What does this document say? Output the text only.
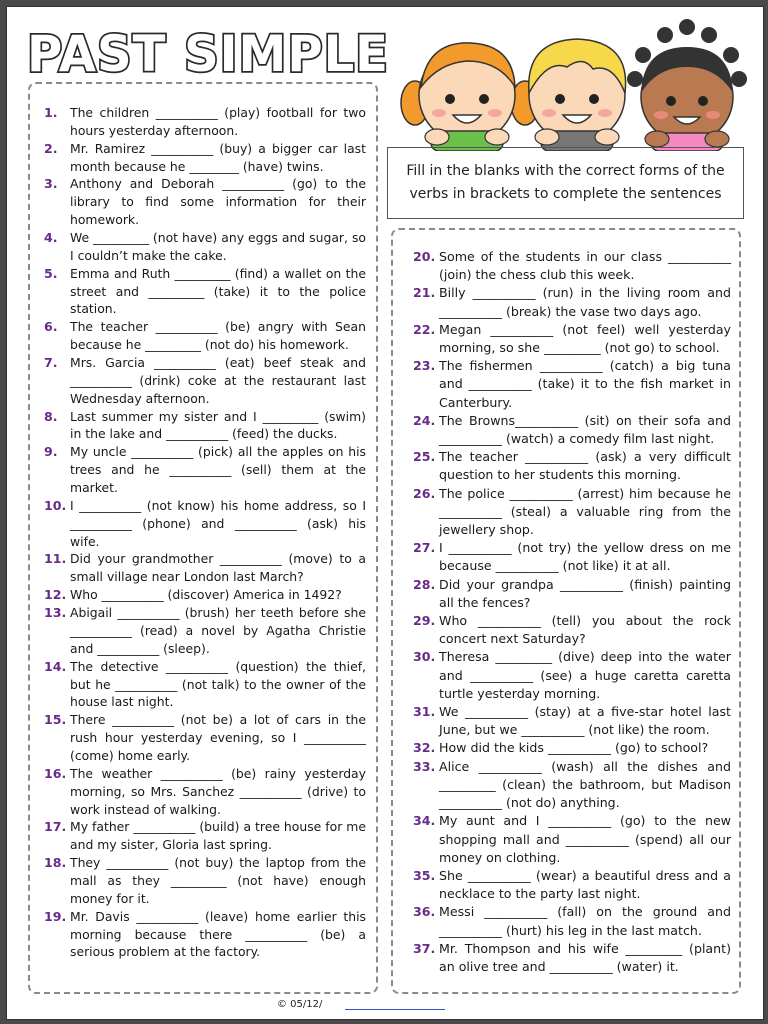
PAST SIMPLE
Fill in the blanks with the correct forms of the verbs in brackets to complete the sentences
1.	The children __________ (play) football for two hours yesterday afternoon.
2.	Mr. Ramirez __________ (buy) a bigger car last month because he ________ (have) twins.
3.	Anthony and Deborah __________ (go) to the library to find some information for their homework.
4.	We _________ (not have) any eggs and sugar, so I couldn’t make the cake.
5.	Emma and Ruth _________ (find) a wallet on the street and _________ (take) it to the police station.
6.	The teacher __________ (be) angry with Sean because he _________ (not do) his homework.
7.	Mrs. Garcia __________ (eat) beef steak and __________ (drink) coke at the restaurant last Wednesday afternoon.
8.	Last summer my sister and I _________ (swim) in the lake and __________ (feed) the ducks.
9.	My uncle __________ (pick) all the apples on his trees and he __________ (sell) them at the market.
10. I __________ (not know) his home address, so I __________ (phone) and __________ (ask) his wife.
11. Did your grandmother __________ (move) to a small village near London last March?
12. Who __________ (discover) America in 1492?
13. Abigail __________ (brush) her teeth before she __________ (read) a novel by Agatha Christie and __________ (sleep).
14. The detective __________ (question) the thief, but he __________ (not talk) to the owner of the house last night.
15. There __________ (not be) a lot of cars in the rush hour yesterday evening, so I __________ (come) home early.
16. The weather __________ (be) rainy yesterday morning, so Mrs. Sanchez __________ (drive) to work instead of walking.
17. My father __________ (build) a tree house for me and my sister, Gloria last spring.
18. They __________ (not buy) the laptop from the mall as they _________ (not have) enough money for it.
19. Mr. Davis __________ (leave) home earlier this morning because there __________ (be) a serious problem at the factory.
20. Some of the students in our class __________ (join) the chess club this week.
21. Billy __________ (run) in the living room and __________ (break) the vase two days ago.
22. Megan __________ (not feel) well yesterday morning, so she _________ (not go) to school.
23. The fishermen __________ (catch) a big tuna and __________ (take) it to the fish market in Canterbury.
24. The Browns__________ (sit) on their sofa and __________ (watch) a comedy film last night.
25. The teacher __________ (ask) a very difficult question to her students this morning.
26. The police __________ (arrest) him because he __________ (steal) a valuable ring from the jewellery shop.
27. I __________ (not try) the yellow dress on me because __________ (not like) it at all.
28. Did your grandpa __________ (finish) painting all the fences?
29. Who __________ (tell) you about the rock concert next Saturday?
30. Theresa _________ (dive) deep into the water and __________ (see) a huge caretta caretta turtle yesterday morning.
31. We __________ (stay) at a five-star hotel last June, but we __________ (not like) the room.
32. How did the kids __________ (go) to school?
33. Alice __________ (wash) all the dishes and _________ (clean) the bathroom, but Madison __________ (not do) anything.
34. My aunt and I __________ (go) to the new shopping mall and __________ (spend) all our money on clothing.
35. She __________ (wear) a beautiful dress and a necklace to the party last night.
36. Messi __________ (fall) on the ground and __________ (hurt) his leg in the last match.
37. Mr. Thompson and his wife _________ (plant) an olive tree and __________ (water) it.
© 05/12/
